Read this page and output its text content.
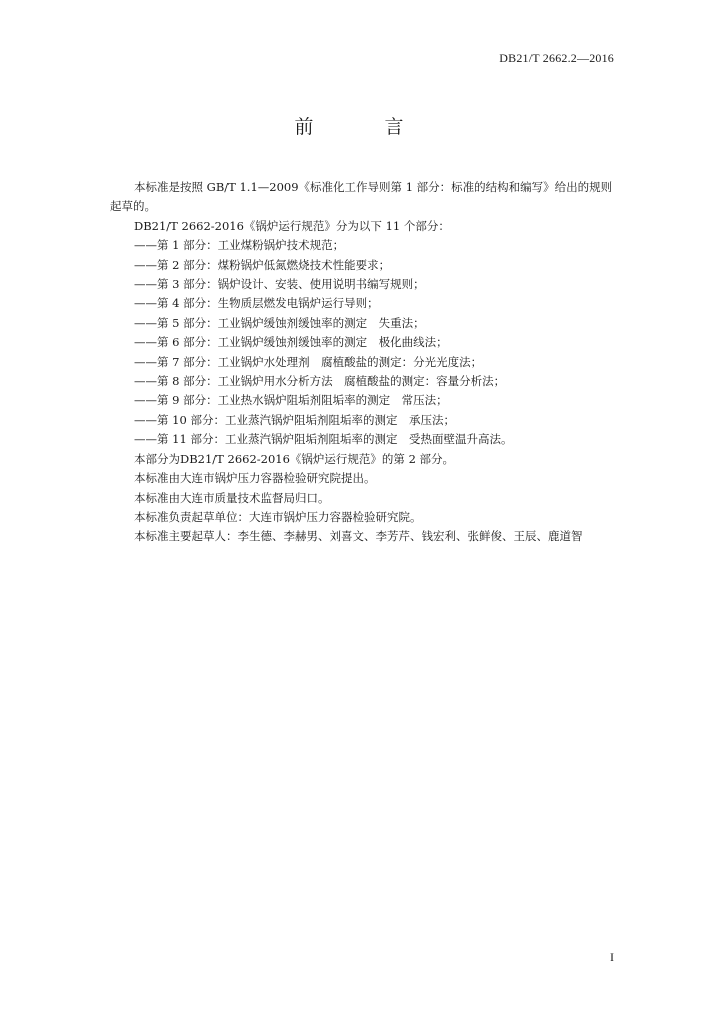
DB21/T 2662.2—2016
前　言

本标准是按照 GB/T 1.1—2009《标准化工作导则第 1 部分：标准的结构和编写》给出的规则起草的。

DB21/T 2662-2016《锅炉运行规范》分为以下 11 个部分：

——第 1 部分：工业煤粉锅炉技术规范；

——第 2 部分：煤粉锅炉低氮燃烧技术性能要求；

——第 3 部分：锅炉设计、安装、使用说明书编写规则；

——第 4 部分：生物质层燃发电锅炉运行导则；

——第 5 部分：工业锅炉缓蚀剂缓蚀率的测定　失重法；

——第 6 部分：工业锅炉缓蚀剂缓蚀率的测定　极化曲线法；

——第 7 部分：工业锅炉水处理剂　腐植酸盐的测定：分光光度法；

——第 8 部分：工业锅炉用水分析方法　腐植酸盐的测定：容量分析法；

——第 9 部分：工业热水锅炉阻垢剂阻垢率的测定　常压法；

——第 10 部分：工业蒸汽锅炉阻垢剂阻垢率的测定　承压法；

——第 11 部分：工业蒸汽锅炉阻垢剂阻垢率的测定　受热面壁温升高法。

本部分为DB21/T 2662-2016《锅炉运行规范》的第 2 部分。

本标准由大连市锅炉压力容器检验研究院提出。

本标准由大连市质量技术监督局归口。

本标准负责起草单位：大连市锅炉压力容器检验研究院。

本标准主要起草人：李生德、李赫男、刘喜文、李芳芹、钱宏利、张鲜俊、王辰、鹿道智

I
